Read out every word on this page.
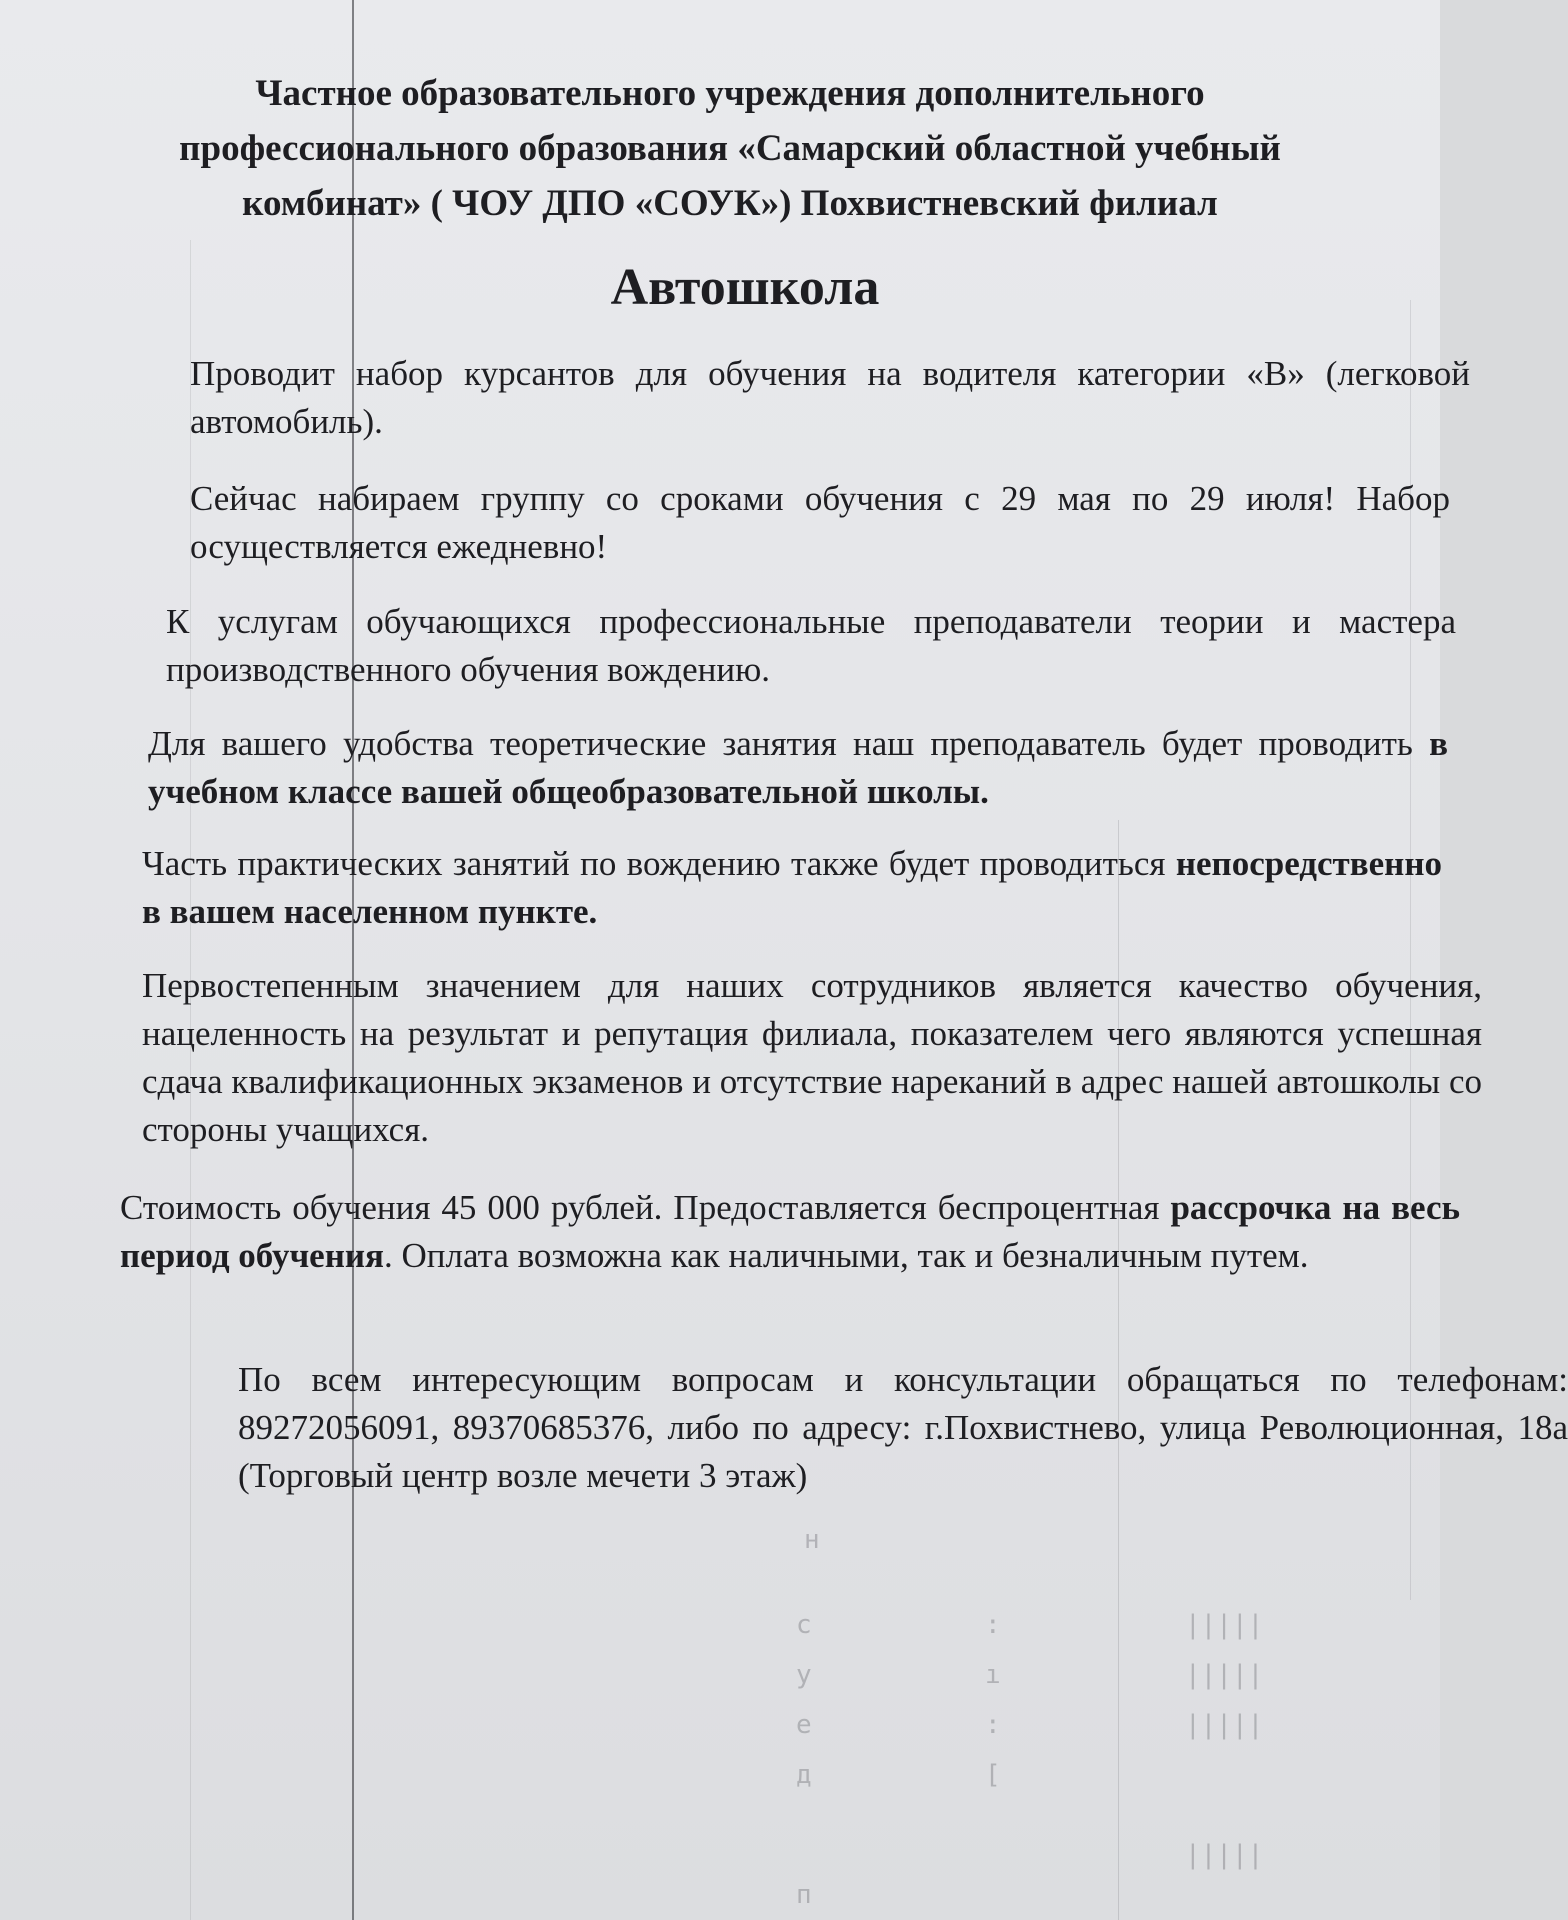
Частное образовательного учреждения дополнительного
профессионального образования «Самарский областной учебный
комбинат» ( ЧОУ ДПО «СОУК») Похвистневский филиал
Автошкола
Проводит набор курсантов для обучения на водителя категории «В» (легковой автомобиль).
Сейчас набираем группу со сроками обучения с 29 мая по 29 июля! Набор осуществляется ежедневно!
К услугам обучающихся профессиональные преподаватели теории и мастера производственного обучения вождению.
Для вашего удобства теоретические занятия наш преподаватель будет проводить в учебном классе вашей общеобразовательной школы.
Часть практических занятий по вождению также будет проводиться непосредственно в вашем населенном пункте.
Первостепенным значением для наших сотрудников является качество обучения, нацеленность на результат и репутация филиала, показателем чего являются успешная сдача квалификационных экзаменов и отсутствие нареканий в адрес нашей автошколы со стороны учащихся.
Стоимость обучения 45 000 рублей. Предоставляется беспроцентная рассрочка на весь период обучения. Оплата возможна как наличными, так и безналичным путем.
По всем интересующим вопросам и консультации обращаться по телефонам: 89272056091, 89370685376, либо по адресу: г.Похвистнево, улица Революционная, 18а (Торговый центр возле мечети 3 этаж)
н
с
у
е
д
п
:
ı
:
[
|||||
|||||
|||||
|||||
